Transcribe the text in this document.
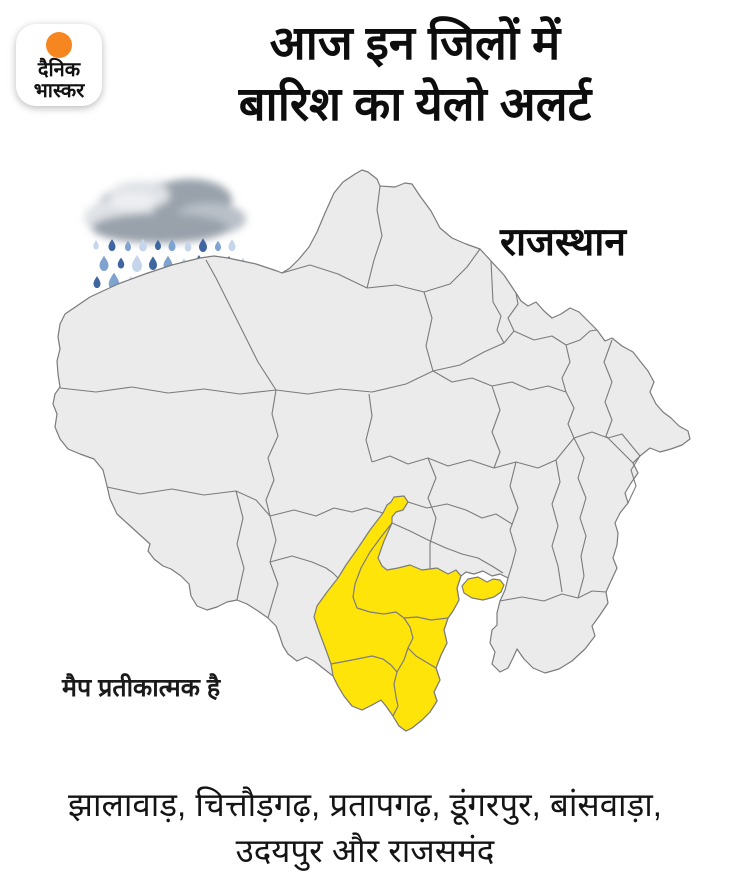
दैनिक
भास्कर
आज इन जिलों में
बारिश का येलो अलर्ट
राजस्थान
मैप प्रतीकात्मक है
झालावाड़, चित्तौड़गढ़, प्रतापगढ़, डूंगरपुर, बांसवाड़ा,
उदयपुर और राजसमंद
